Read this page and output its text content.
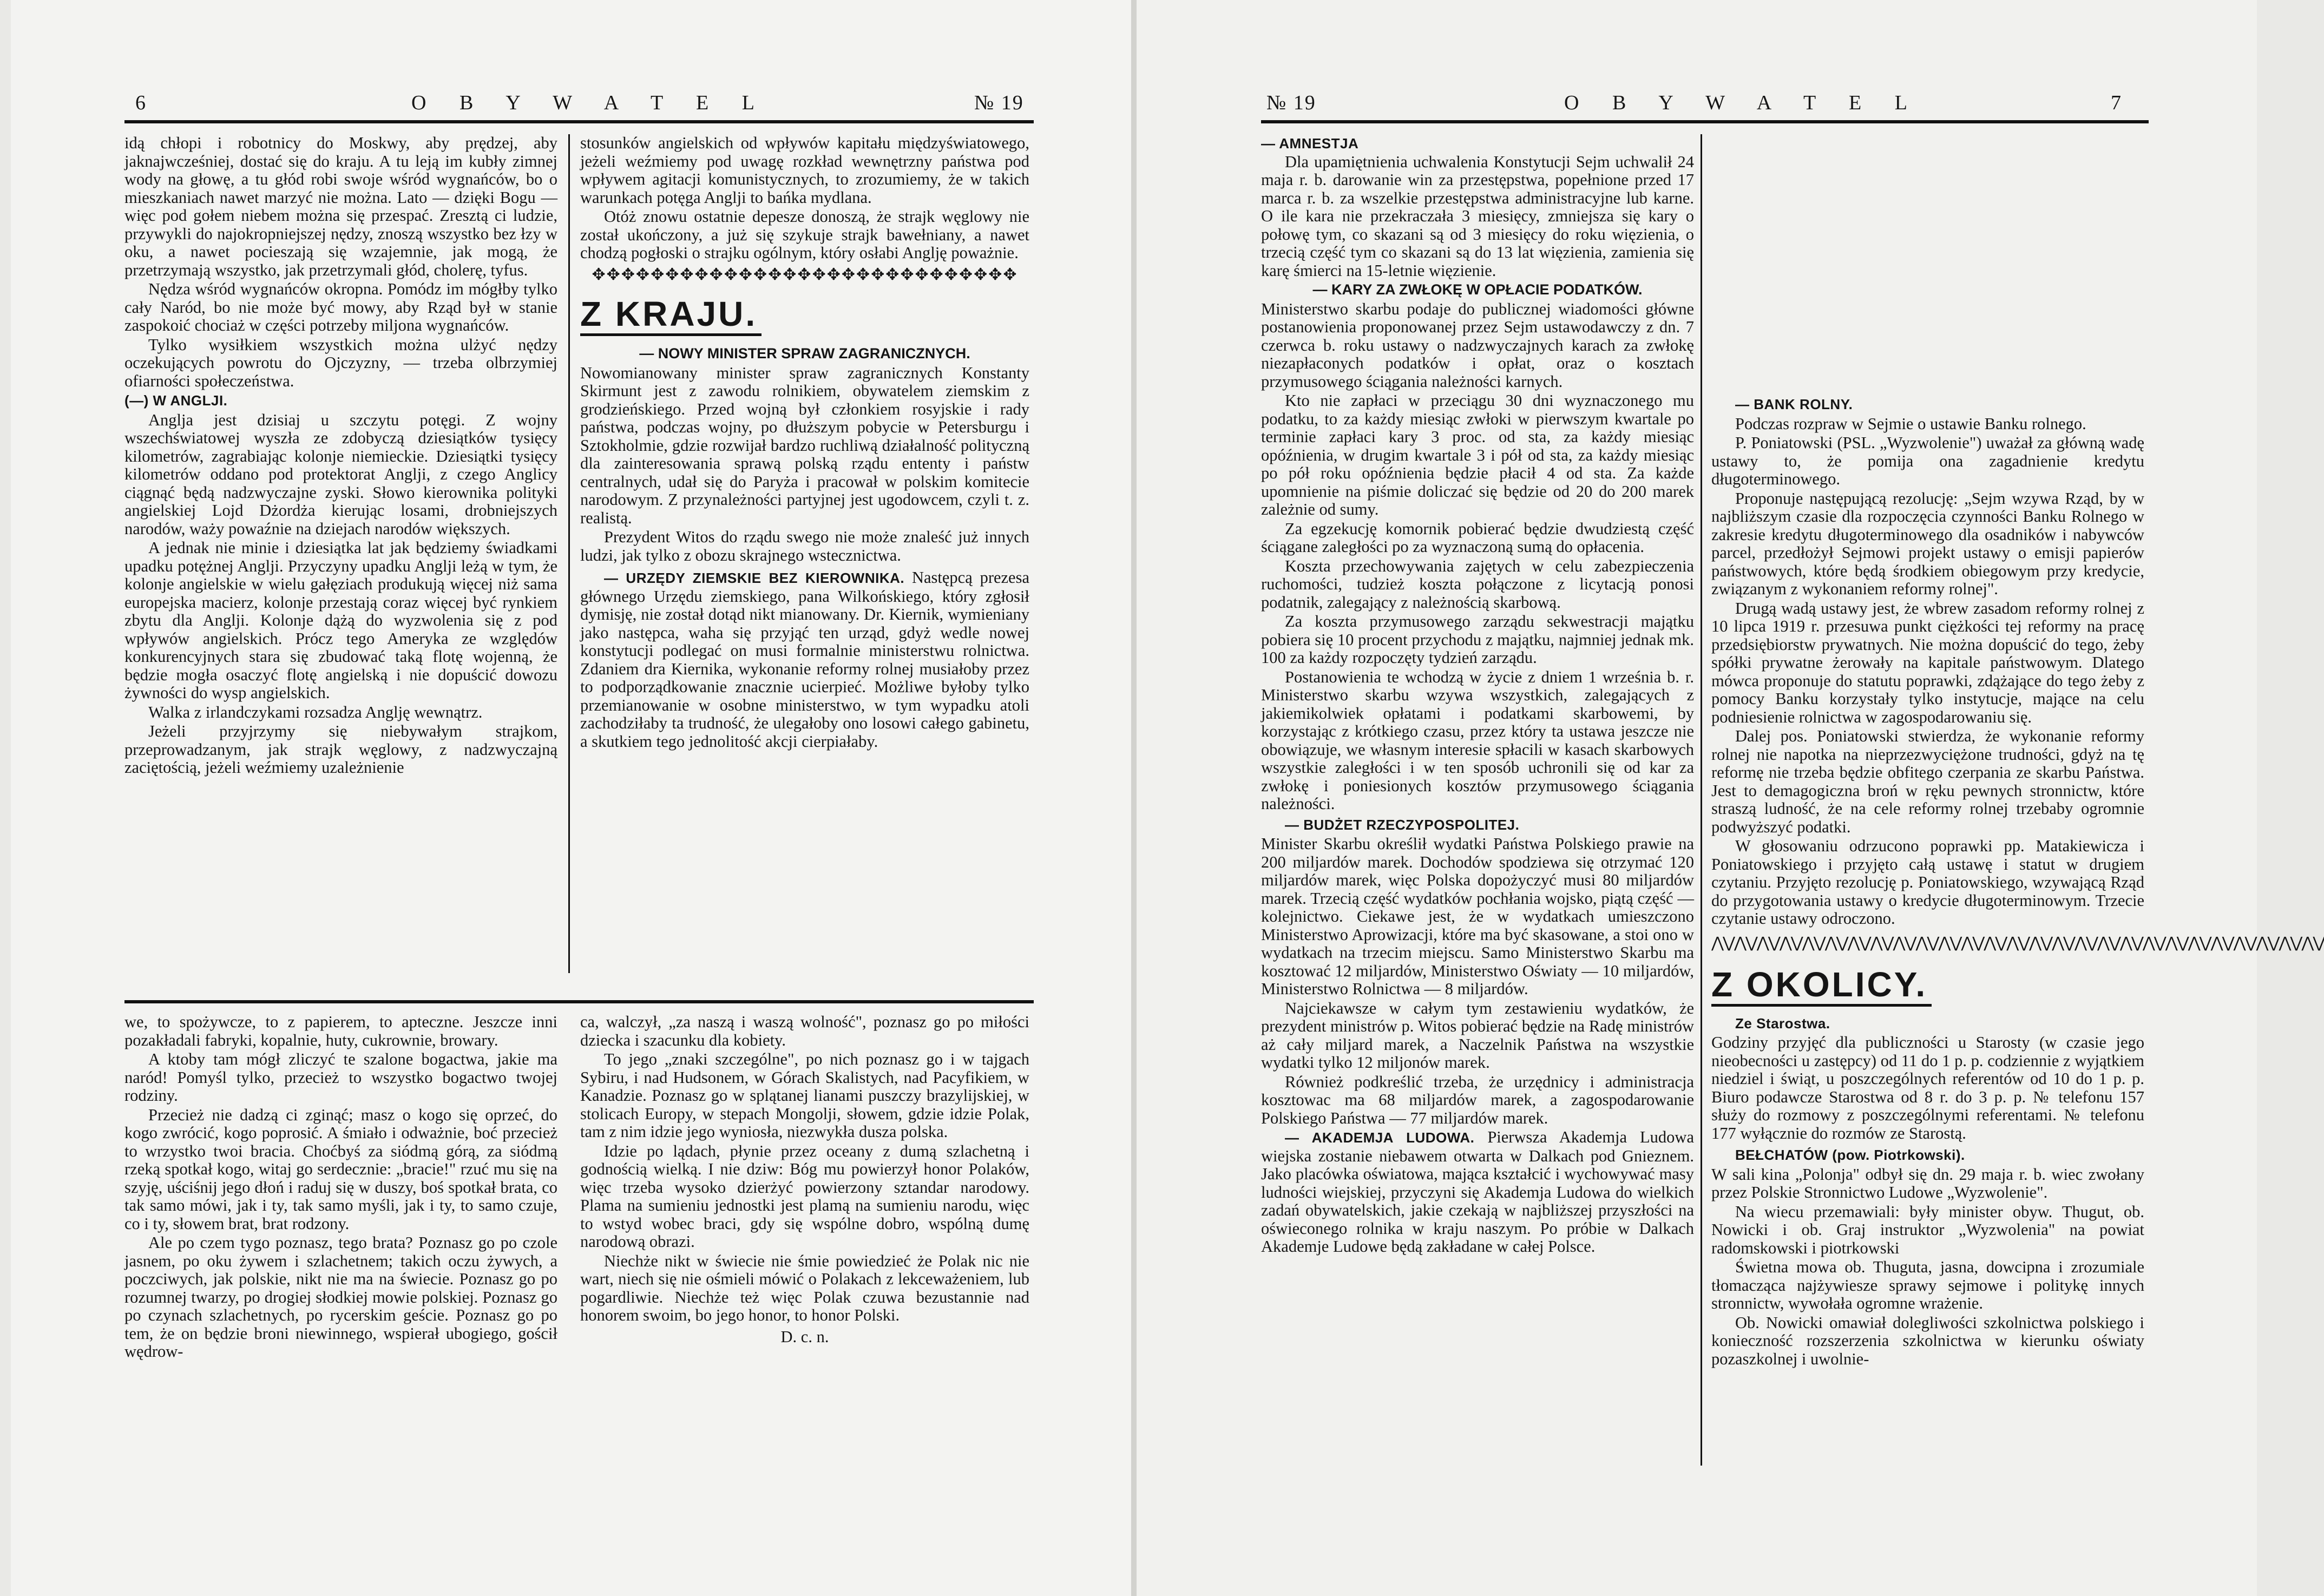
6	O B Y W A T E L	№ 19

idą chłopi i robotnicy do Moskwy, aby prędzej, aby jaknajwcześniej, dostać się do kraju. A tu leją im kubły zimnej wody na głowę, a tu głód robi swoje wśród wygnańców, bo o mieszkaniach nawet marzyć nie można. Lato — dzięki Bogu — więc pod gołem niebem można się przespać. Zresztą ci ludzie, przywykli do najokropniejszej nędzy, znoszą wszystko bez łzy w oku, a nawet pocieszają się wzajemnie, jak mogą, że przetrzymają wszystko, jak przetrzymali głód, cholerę, tyfus.

Nędza wśród wygnańców okropna. Pomódz im mógłby tylko cały Naród, bo nie może być mowy, aby Rząd był w stanie zaspokoić chociaż w części potrzeby miljona wygnańców.

Tylko wysiłkiem wszystkich można ulżyć nędzy oczekujących powrotu do Ojczyzny, — trzeba olbrzymiej ofiarności społeczeństwa.

(—) W ANGLJI.

Anglja jest dzisiaj u szczytu potęgi. Z wojny wszechświatowej wyszła ze zdobyczą dziesiątków tysięcy kilometrów, zagrabiając kolonje niemieckie. Dziesiątki tysięcy kilometrów oddano pod protektorat Anglji, z czego Anglicy ciągnąć będą nadzwyczajne zyski. Słowo kierownika polityki angielskiej Lojd Dżordża kierując losami, drobniejszych narodów, waży powaźnie na dziejach narodów większych.

A jednak nie minie i dziesiątka lat jak będziemy świadkami upadku potężnej Anglji. Przyczyny upadku Anglji leżą w tym, że kolonje angielskie w wielu gałęziach produkują więcej niż sama europejska macierz, kolonje przestają coraz więcej być rynkiem zbytu dla Anglji. Kolonje dążą do wyzwolenia się z pod wpływów angielskich. Prócz tego Ameryka ze względów konkurencyjnych stara się zbudować taką flotę wojenną, że będzie mogła osaczyć flotę angielską i nie dopuścić dowozu żywności do wysp angielskich.

Walka z irlandczykami rozsadza Anglję wewnątrz.

Jeżeli przyjrzymy się niebywałym strajkom, przeprowadzanym, jak strajk węglowy, z nadzwyczajną zaciętością, jeżeli weźmiemy uzależnienie

stosunków angielskich od wpływów kapitału międzyświatowego, jeżeli weźmiemy pod uwagę rozkład wewnętrzny państwa pod wpływem agitacji komunistycznych, to zrozumiemy, że w takich warunkach potęga Anglji to bańka mydlana.

Otóż znowu ostatnie depesze donoszą, że strajk węglowy nie został ukończony, a już się szykuje strajk bawełniany, a nawet chodzą pogłoski o strajku ogólnym, który osłabi Anglję poważnie.

✥✥✥✥✥✥✥✥✥✥✥✥✥✥✥✥✥✥✥✥✥✥✥✥✥✥✥✥✥
Z KRAJU.
— NOWY MINISTER SPRAW ZAGRANICZNYCH.

Nowomianowany minister spraw zagranicznych Konstanty Skirmunt jest z zawodu rolnikiem, obywatelem ziemskim z grodzieńskiego. Przed wojną był członkiem rosyjskie i rady państwa, podczas wojny, po dłuższym pobycie w Petersburgu i Sztokholmie, gdzie rozwijał bardzo ruchliwą działalność polityczną dla zainteresowania sprawą polską rządu ententy i państw centralnych, udał się do Paryża i pracował w polskim komitecie narodowym. Z przynależności partyjnej jest ugodowcem, czyli t. z. realistą.

Prezydent Witos do rządu swego nie może znaleść już innych ludzi, jak tylko z obozu skrajnego wstecznictwa.

— URZĘDY ZIEMSKIE BEZ KIEROWNIKA. Następcą prezesa głównego Urzędu ziemskiego, pana Wilkońskiego, który zgłosił dymisję, nie został dotąd nikt mianowany. Dr. Kiernik, wymieniany jako następca, waha się przyjąć ten urząd, gdyż wedle nowej konstytucji podlegać on musi formalnie ministerstwu rolnictwa. Zdaniem dra Kiernika, wykonanie reformy rolnej musiałoby przez to podporządkowanie znacznie ucierpieć. Możliwe byłoby tylko przemianowanie w osobne ministerstwo, w tym wypadku atoli zachodziłaby ta trudność, że ulegałoby ono losowi całego gabinetu, a skutkiem tego jednolitość akcji cierpiałaby.

we, to spożywcze, to z papierem, to apteczne. Jeszcze inni pozakładali fabryki, kopalnie, huty, cukrownie, browary.

A ktoby tam mógł zliczyć te szalone bogactwa, jakie ma naród! Pomyśl tylko, przecież to wszystko bogactwo twojej rodziny.

Przecież nie dadzą ci zginąć; masz o kogo się oprzeć, do kogo zwrócić, kogo poprosić. A śmiało i odważnie, boć przecież to wrzystko twoi bracia. Choćbyś za siódmą górą, za siódmą rzeką spotkał kogo, witaj go serdecznie: „bracie!" rzuć mu się na szyję, uściśnij jego dłoń i raduj się w duszy, boś spotkał brata, co tak samo mówi, jak i ty, tak samo myśli, jak i ty, to samo czuje, co i ty, słowem brat, brat rodzony.

Ale po czem tygo poznasz, tego brata? Poznasz go po czole jasnem, po oku żywem i szlachetnem; takich oczu żywych, a poczciwych, jak polskie, nikt nie ma na świecie. Poznasz go po rozumnej twarzy, po drogiej słodkiej mowie polskiej. Poznasz go po czynach szlachetnych, po rycerskim geście. Poznasz go po tem, że on będzie broni niewinnego, wspierał ubogiego, gościł wędrow-

ca, walczył, „za naszą i waszą wolność", poznasz go po miłości dziecka i szacunku dla kobiety.

To jego „znaki szczególne", po nich poznasz go i w tajgach Sybiru, i nad Hudsonem, w Górach Skalistych, nad Pacyfikiem, w Kanadzie. Poznasz go w splątanej lianami puszczy brazylijskiej, w stolicach Europy, w stepach Mongolji, słowem, gdzie idzie Polak, tam z nim idzie jego wyniosła, niezwykła dusza polska.

Idzie po lądach, płynie przez oceany z dumą szlachetną i godnością wielką. I nie dziw: Bóg mu powierzył honor Polaków, więc trzeba wysoko dzierżyć powierzony sztandar narodowy. Plama na sumieniu jednostki jest plamą na sumieniu narodu, więc to wstyd wobec braci, gdy się wspólne dobro, wspólną dumę narodową obrazi.

Niechże nikt w świecie nie śmie powiedzieć że Polak nic nie wart, niech się nie ośmieli mówić o Polakach z lekceważeniem, lub pogardliwie. Niechże też więc Polak czuwa bezustannie nad honorem swoim, bo jego honor, to honor Polski.

D. c. n.
№ 19	O B Y W A T E L	7
— AMNESTJA

Dla upamiętnienia uchwalenia Konstytucji Sejm uchwalił 24 maja r. b. darowanie win za przestępstwa, popełnione przed 17 marca r. b. za wszelkie przestępstwa administracyjne lub karne. O ile kara nie przekraczała 3 miesięcy, zmniejsza się kary o połowę tym, co skazani są od 3 miesięcy do roku więzienia, o trzecią część tym co skazani są do 13 lat więzienia, zamienia się karę śmierci na 15-letnie więzienie.

— KARY ZA ZWŁOKĘ W OPŁACIE PODATKÓW.

Ministerstwo skarbu podaje do publicznej wiadomości główne postanowienia proponowanej przez Sejm ustawodawczy z dn. 7 czerwca b. roku ustawy o nadzwyczajnych karach za zwłokę niezapłaconych podatków i opłat, oraz o kosztach przymusowego ściągania należności karnych.

Kto nie zapłaci w przeciągu 30 dni wyznaczonego mu podatku, to za każdy miesiąc zwłoki w pierwszym kwartale po terminie zapłaci kary 3 proc. od sta, za każdy miesiąc opóźnienia, w drugim kwartale 3 i pół od sta, za każdy miesiąc po pół roku opóźnienia będzie płacił 4 od sta. Za każde upomnienie na piśmie doliczać się będzie od 20 do 200 marek zależnie od sumy.

Za egzekucję komornik pobierać będzie dwudziestą część ściągane zaległości po za wyznaczoną sumą do opłacenia.

Koszta przechowywania zajętych w celu zabezpieczenia ruchomości, tudzież koszta połączone z licytacją ponosi podatnik, zalegający z należnością skarbową.

Za koszta przymusowego zarządu sekwestracji majątku pobiera się 10 procent przychodu z majątku, najmniej jednak mk. 100 za każdy rozpoczęty tydzień zarządu.

Postanowienia te wchodzą w życie z dniem 1 września b. r. Ministerstwo skarbu wzywa wszystkich, zalegających z jakiemikolwiek opłatami i podatkami skarbowemi, by korzystając z krótkiego czasu, przez który ta ustawa jeszcze nie obowiązuje, we własnym interesie spłacili w kasach skarbowych wszystkie zaległości i w ten sposób uchronili się od kar za zwłokę i poniesionych kosztów przymusowego ściągania należności.

— BUDŻET RZECZYPOSPOLITEJ.

Minister Skarbu określił wydatki Państwa Polskiego prawie na 200 miljardów marek. Dochodów spodziewa się otrzymać 120 miljardów marek, więc Polska dopożyczyć musi 80 miljardów marek. Trzecią część wydatków pochłania wojsko, piątą część — kolejnictwo. Ciekawe jest, że w wydatkach umieszczono Ministerstwo Aprowizacji, które ma być skasowane, a stoi ono w wydatkach na trzecim miejscu. Samo Ministerstwo Skarbu ma kosztować 12 miljardów, Ministerstwo Oświaty — 10 miljardów, Ministerstwo Rolnictwa — 8 miljardów.

Najciekawsze w całym tym zestawieniu wydatków, że prezydent ministrów p. Witos pobierać będzie na Radę ministrów aż cały miljard marek, a Naczelnik Państwa na wszystkie wydatki tylko 12 miljonów marek.

Również podkreślić trzeba, że urzędnicy i administracja kosztowac ma 68 miljardów marek, a zagospodarowanie Polskiego Państwa — 77 miljardów marek.

— AKADEMJA LUDOWA. Pierwsza Akademja Ludowa wiejska zostanie niebawem otwarta w Dalkach pod Gnieznem. Jako placówka oświatowa, mająca kształcić i wychowywać masy ludności wiejskiej, przyczyni się Akademja Ludowa do wielkich zadań obywatelskich, jakie czekają w najbliższej przyszłości na oświeconego rolnika w kraju naszym. Po próbie w Dalkach Akademje Ludowe będą zakładane w całej Polsce.

— BANK ROLNY.

Podczas rozpraw w Sejmie o ustawie Banku rolnego.

P. Poniatowski (PSL. „Wyzwolenie") uważał za główną wadę ustawy to, że pomija ona zagadnienie kredytu długoterminowego.

Proponuje następującą rezolucję: „Sejm wzywa Rząd, by w najbliższym czasie dla rozpoczęcia czynności Banku Rolnego w zakresie kredytu długoterminowego dla osadników i nabywców parcel, przedłożył Sejmowi projekt ustawy o emisji papierów państwowych, które będą środkiem obiegowym przy kredycie, związanym z wykonaniem reformy rolnej".

Drugą wadą ustawy jest, że wbrew zasadom reformy rolnej z 10 lipca 1919 r. przesuwa punkt ciężkości tej reformy na pracę przedsiębiorstw prywatnych. Nie można dopuścić do tego, żeby spółki prywatne żerowały na kapitale państwowym. Dlatego mówca proponuje do statutu poprawki, zdążające do tego żeby z pomocy Banku korzystały tylko instytucje, mające na celu podniesienie rolnictwa w zagospodarowaniu się.

Dalej pos. Poniatowski stwierdza, że wykonanie reformy rolnej nie napotka na nieprzezwyciężone trudności, gdyż na tę reformę nie trzeba będzie obfitego czerpania ze skarbu Państwa. Jest to demagogiczna broń w ręku pewnych stronnictw, które straszą ludność, że na cele reformy rolnej trzebaby ogromnie podwyższyć podatki.

W głosowaniu odrzucono poprawki pp. Matakiewicza i Poniatowskiego i przyjęto całą ustawę i statut w drugiem czytaniu. Przyjęto rezolucję p. Poniatowskiego, wzywającą Rząd do przygotowania ustawy o kredycie długoterminowym. Trzecie czytanie ustawy odroczono.

⋀⋁⋀⋁⋀⋁⋀⋁⋀⋁⋀⋁⋀⋁⋀⋁⋀⋁⋀⋁⋀⋁⋀⋁⋀⋁⋀⋁⋀⋁⋀⋁⋀⋁⋀⋁⋀⋁⋀⋁⋀⋁⋀⋁⋀⋁⋀⋁⋀⋁⋀⋁⋀⋁
Z OKOLICY.

Ze Starostwa.

Godziny przyjęć dla publiczności u Starosty (w czasie jego nieobecności u zastępcy) od 11 do 1 p. p. codziennie z wyjątkiem niedziel i świąt, u poszczególnych referentów od 10 do 1 p. p. Biuro podawcze Starostwa od 8 r. do 3 p. p. № telefonu 157 służy do rozmowy z poszczególnymi referentami. № telefonu 177 wyłącznie do rozmów ze Starostą.

BEŁCHATÓW (pow. Piotrkowski).

W sali kina „Polonja" odbył się dn. 29 maja r. b. wiec zwołany przez Polskie Stronnictwo Ludowe „Wyzwolenie".

Na wiecu przemawiali: były minister obyw. Thugut, ob. Nowicki i ob. Graj instruktor „Wyzwolenia" na powiat radomskowski i piotrkowski

Świetna mowa ob. Thuguta, jasna, dowcipna i zrozumiale tłomacząca najżywiesze sprawy sejmowe i politykę innych stronnictw, wywołała ogromne wrażenie.

Ob. Nowicki omawiał dolegliwości szkolnictwa polskiego i konieczność rozszerzenia szkolnictwa w kierunku oświaty pozaszkolnej i uwolnie-
